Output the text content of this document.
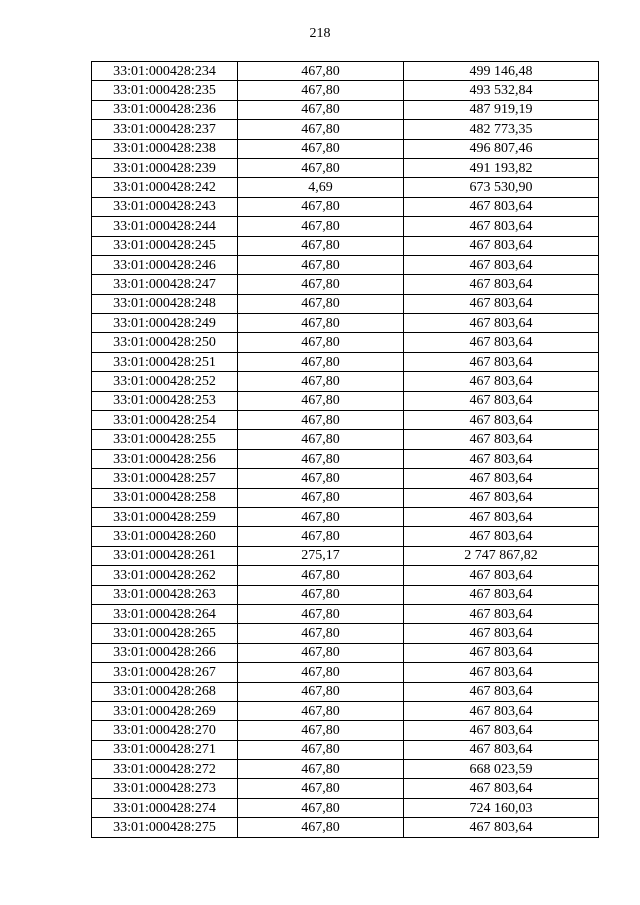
218
33:01:000428:234	467,80	499 146,48
33:01:000428:235	467,80	493 532,84
33:01:000428:236	467,80	487 919,19
33:01:000428:237	467,80	482 773,35
33:01:000428:238	467,80	496 807,46
33:01:000428:239	467,80	491 193,82
33:01:000428:242	4,69	673 530,90
33:01:000428:243	467,80	467 803,64
33:01:000428:244	467,80	467 803,64
33:01:000428:245	467,80	467 803,64
33:01:000428:246	467,80	467 803,64
33:01:000428:247	467,80	467 803,64
33:01:000428:248	467,80	467 803,64
33:01:000428:249	467,80	467 803,64
33:01:000428:250	467,80	467 803,64
33:01:000428:251	467,80	467 803,64
33:01:000428:252	467,80	467 803,64
33:01:000428:253	467,80	467 803,64
33:01:000428:254	467,80	467 803,64
33:01:000428:255	467,80	467 803,64
33:01:000428:256	467,80	467 803,64
33:01:000428:257	467,80	467 803,64
33:01:000428:258	467,80	467 803,64
33:01:000428:259	467,80	467 803,64
33:01:000428:260	467,80	467 803,64
33:01:000428:261	275,17	2 747 867,82
33:01:000428:262	467,80	467 803,64
33:01:000428:263	467,80	467 803,64
33:01:000428:264	467,80	467 803,64
33:01:000428:265	467,80	467 803,64
33:01:000428:266	467,80	467 803,64
33:01:000428:267	467,80	467 803,64
33:01:000428:268	467,80	467 803,64
33:01:000428:269	467,80	467 803,64
33:01:000428:270	467,80	467 803,64
33:01:000428:271	467,80	467 803,64
33:01:000428:272	467,80	668 023,59
33:01:000428:273	467,80	467 803,64
33:01:000428:274	467,80	724 160,03
33:01:000428:275	467,80	467 803,64
